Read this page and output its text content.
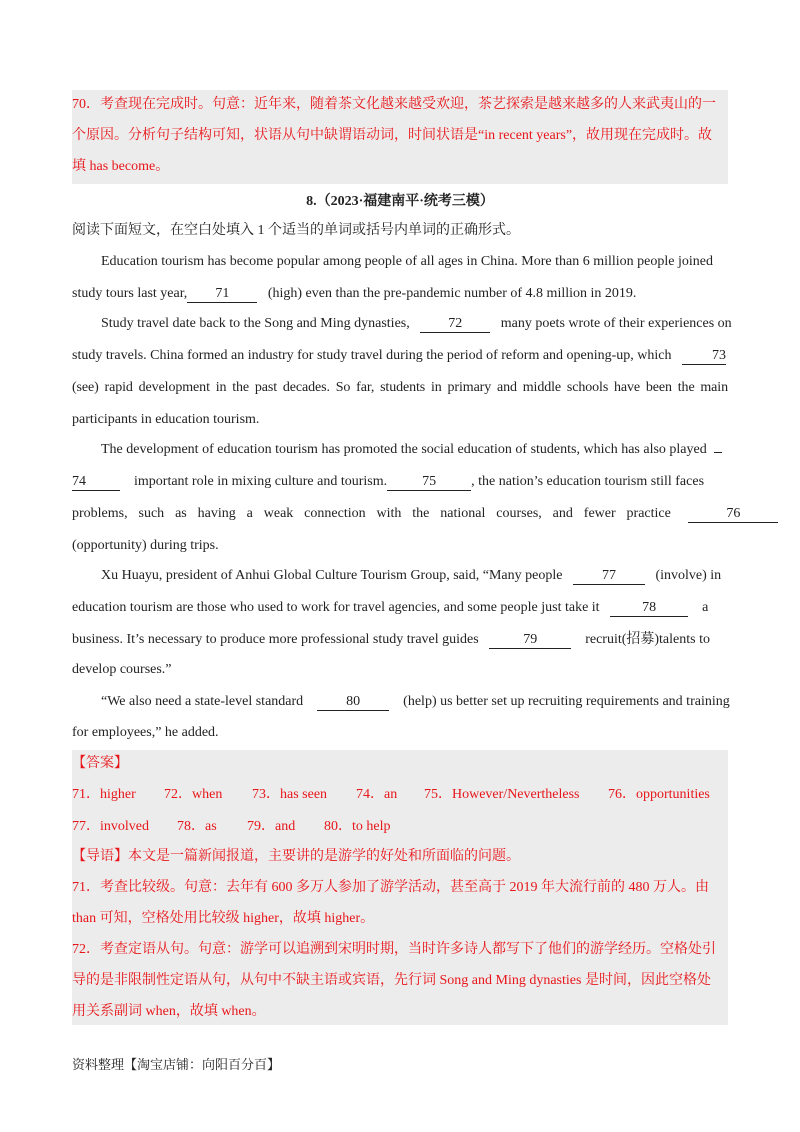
70．考查现在完成时。句意：近年来，随着茶文化越来越受欢迎，茶艺探索是越来越多的人来武夷山的一
个原因。分析句子结构可知，状语从句中缺谓语动词，时间状语是“in recent years”，故用现在完成时。故
填 has become。
8.（2023·福建南平·统考三模）
阅读下面短文，在空白处填入 1 个适当的单词或括号内单词的正确形式。
Education tourism has become popular among people of all ages in China. More than 6 million people joined
study tours last year, 71	(high) even than the pre-pandemic number of 4.8 million in 2019.
Study travel date back to the Song and Ming dynasties,	72	many poets wrote of their experiences on
study travels. China formed an industry for study travel during the period of reform and opening-up, which	73
(see) rapid development in the past decades. So far, students in primary and middle schools have been the main
participants in education tourism.
The development of education tourism has promoted the social education of students, which has also played
74	important role in mixing culture and tourism.	75	, the nation’s education tourism still faces
problems, such as having a weak connection with the national courses, and fewer practice	76
(opportunity) during trips.
Xu Huayu, president of Anhui Global Culture Tourism Group, said, “Many people	77	(involve) in
education tourism are those who used to work for travel agencies, and some people just take it	78	a
business. It’s necessary to produce more professional study travel guides	79	recruit(招募)talents to
develop courses.”
“We also need a state-level standard	80	(help) us better set up recruiting requirements and training
for employees,” he added.
【答案】
71．higher 72．when 73．has seen 74．an 75．However/Nevertheless 76．opportunities
77．involved 78．as 79．and 80．to help
【导语】本文是一篇新闻报道，主要讲的是游学的好处和所面临的问题。
71．考查比较级。句意：去年有 600 多万人参加了游学活动，甚至高于 2019 年大流行前的 480 万人。由
than 可知，空格处用比较级 higher，故填 higher。
72．考查定语从句。句意：游学可以追溯到宋明时期，当时许多诗人都写下了他们的游学经历。空格处引
导的是非限制性定语从句，从句中不缺主语或宾语，先行词 Song and Ming dynasties 是时间，因此空格处
用关系副词 when，故填 when。
资料整理【淘宝店铺：向阳百分百】
